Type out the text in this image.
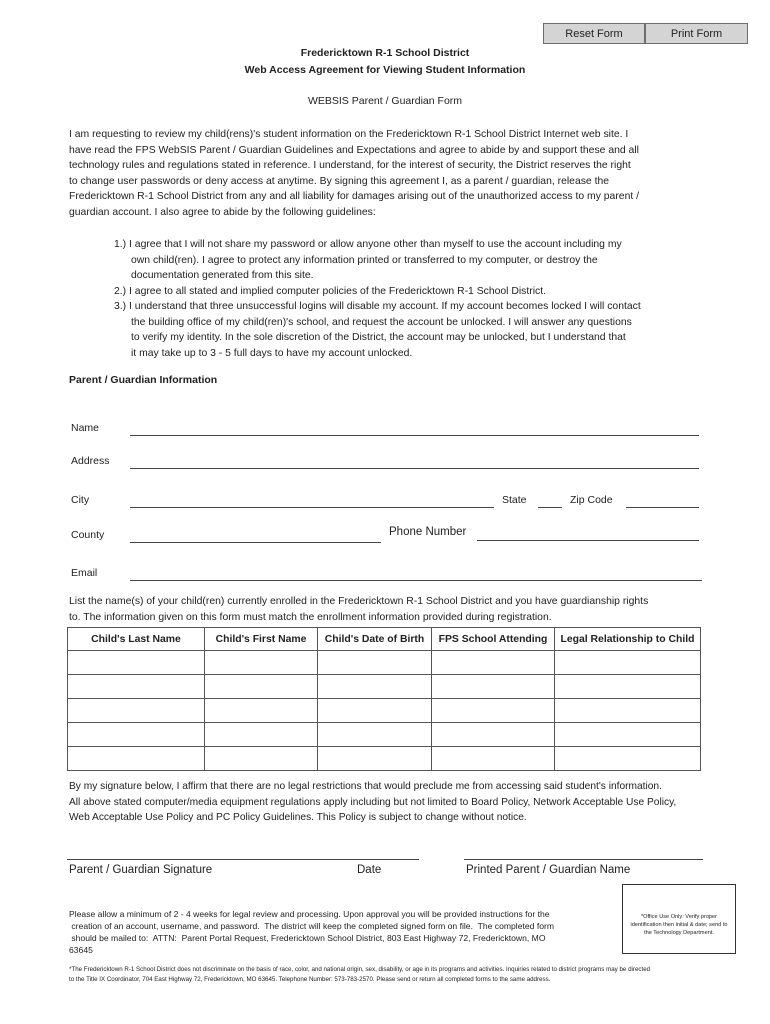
Reset Form	Print Form
Fredericktown R-1 School District
Web Access Agreement for Viewing Student Information
WEBSIS Parent / Guardian Form
I am requesting to review my child(rens)'s student information on the Fredericktown R-1 School District Internet web site. I
have read the FPS WebSIS Parent / Guardian Guidelines and Expectations and agree to abide by and support these and all
technology rules and regulations stated in reference. I understand, for the interest of security, the District reserves the right
to change user passwords or deny access at anytime. By signing this agreement I, as a parent / guardian, release the
Fredericktown R-1 School District from any and all liability for damages arising out of the unauthorized access to my parent /
guardian account. I also agree to abide by the following guidelines:
1.) I agree that I will not share my password or allow anyone other than myself to use the account including my
own child(ren). I agree to protect any information printed or transferred to my computer, or destroy the
documentation generated from this site.
2.) I agree to all stated and implied computer policies of the Fredericktown R-1 School District.
3.) I understand that three unsuccessful logins will disable my account. If my account becomes locked I will contact
the building office of my child(ren)'s school, and request the account be unlocked. I will answer any questions
to verify my identity. In the sole discretion of the District, the account may be unlocked, but I understand that
it may take up to 3 - 5 full days to have my account unlocked.
Parent / Guardian Information
Name
Address
City	State	Zip Code
County	Phone Number
Email
List the name(s) of your child(ren) currently enrolled in the Fredericktown R-1 School District and you have guardianship rights
to. The information given on this form must match the enrollment information provided during registration.
Child's Last Name	Child's First Name	Child's Date of Birth	FPS School Attending	Legal Relationship to Child

By my signature below, I affirm that there are no legal restrictions that would preclude me from accessing said student's information.
All above stated computer/media equipment regulations apply including but not limited to Board Policy, Network Acceptable Use Policy,
Web Acceptable Use Policy and PC Policy Guidelines. This Policy is subject to change without notice.
Parent / Guardian Signature	Date	Printed Parent / Guardian Name
Please allow a minimum of 2 - 4 weeks for legal review and processing. Upon approval you will be provided instructions for the
creation of an account, username, and password.  The district will keep the completed signed form on file.  The completed form
should be mailed to:  ATTN:  Parent Portal Request, Fredericktown School District, 803 East Highway 72, Fredericktown, MO
63645
*Office Use Only: Verify proper
identification then initial & date; send to
the Technology Department.
*The Fredericktown R-1 School District does not discriminate on the basis of race, color, and national origin, sex, disability, or age in its programs and activities. Inquiries related to district programs may be directed
to the Title IX Coordinator, 704 East Highway 72, Fredericktown, MO 63645. Telephone Number: 573-783-2570. Please send or return all completed forms to the same address.
